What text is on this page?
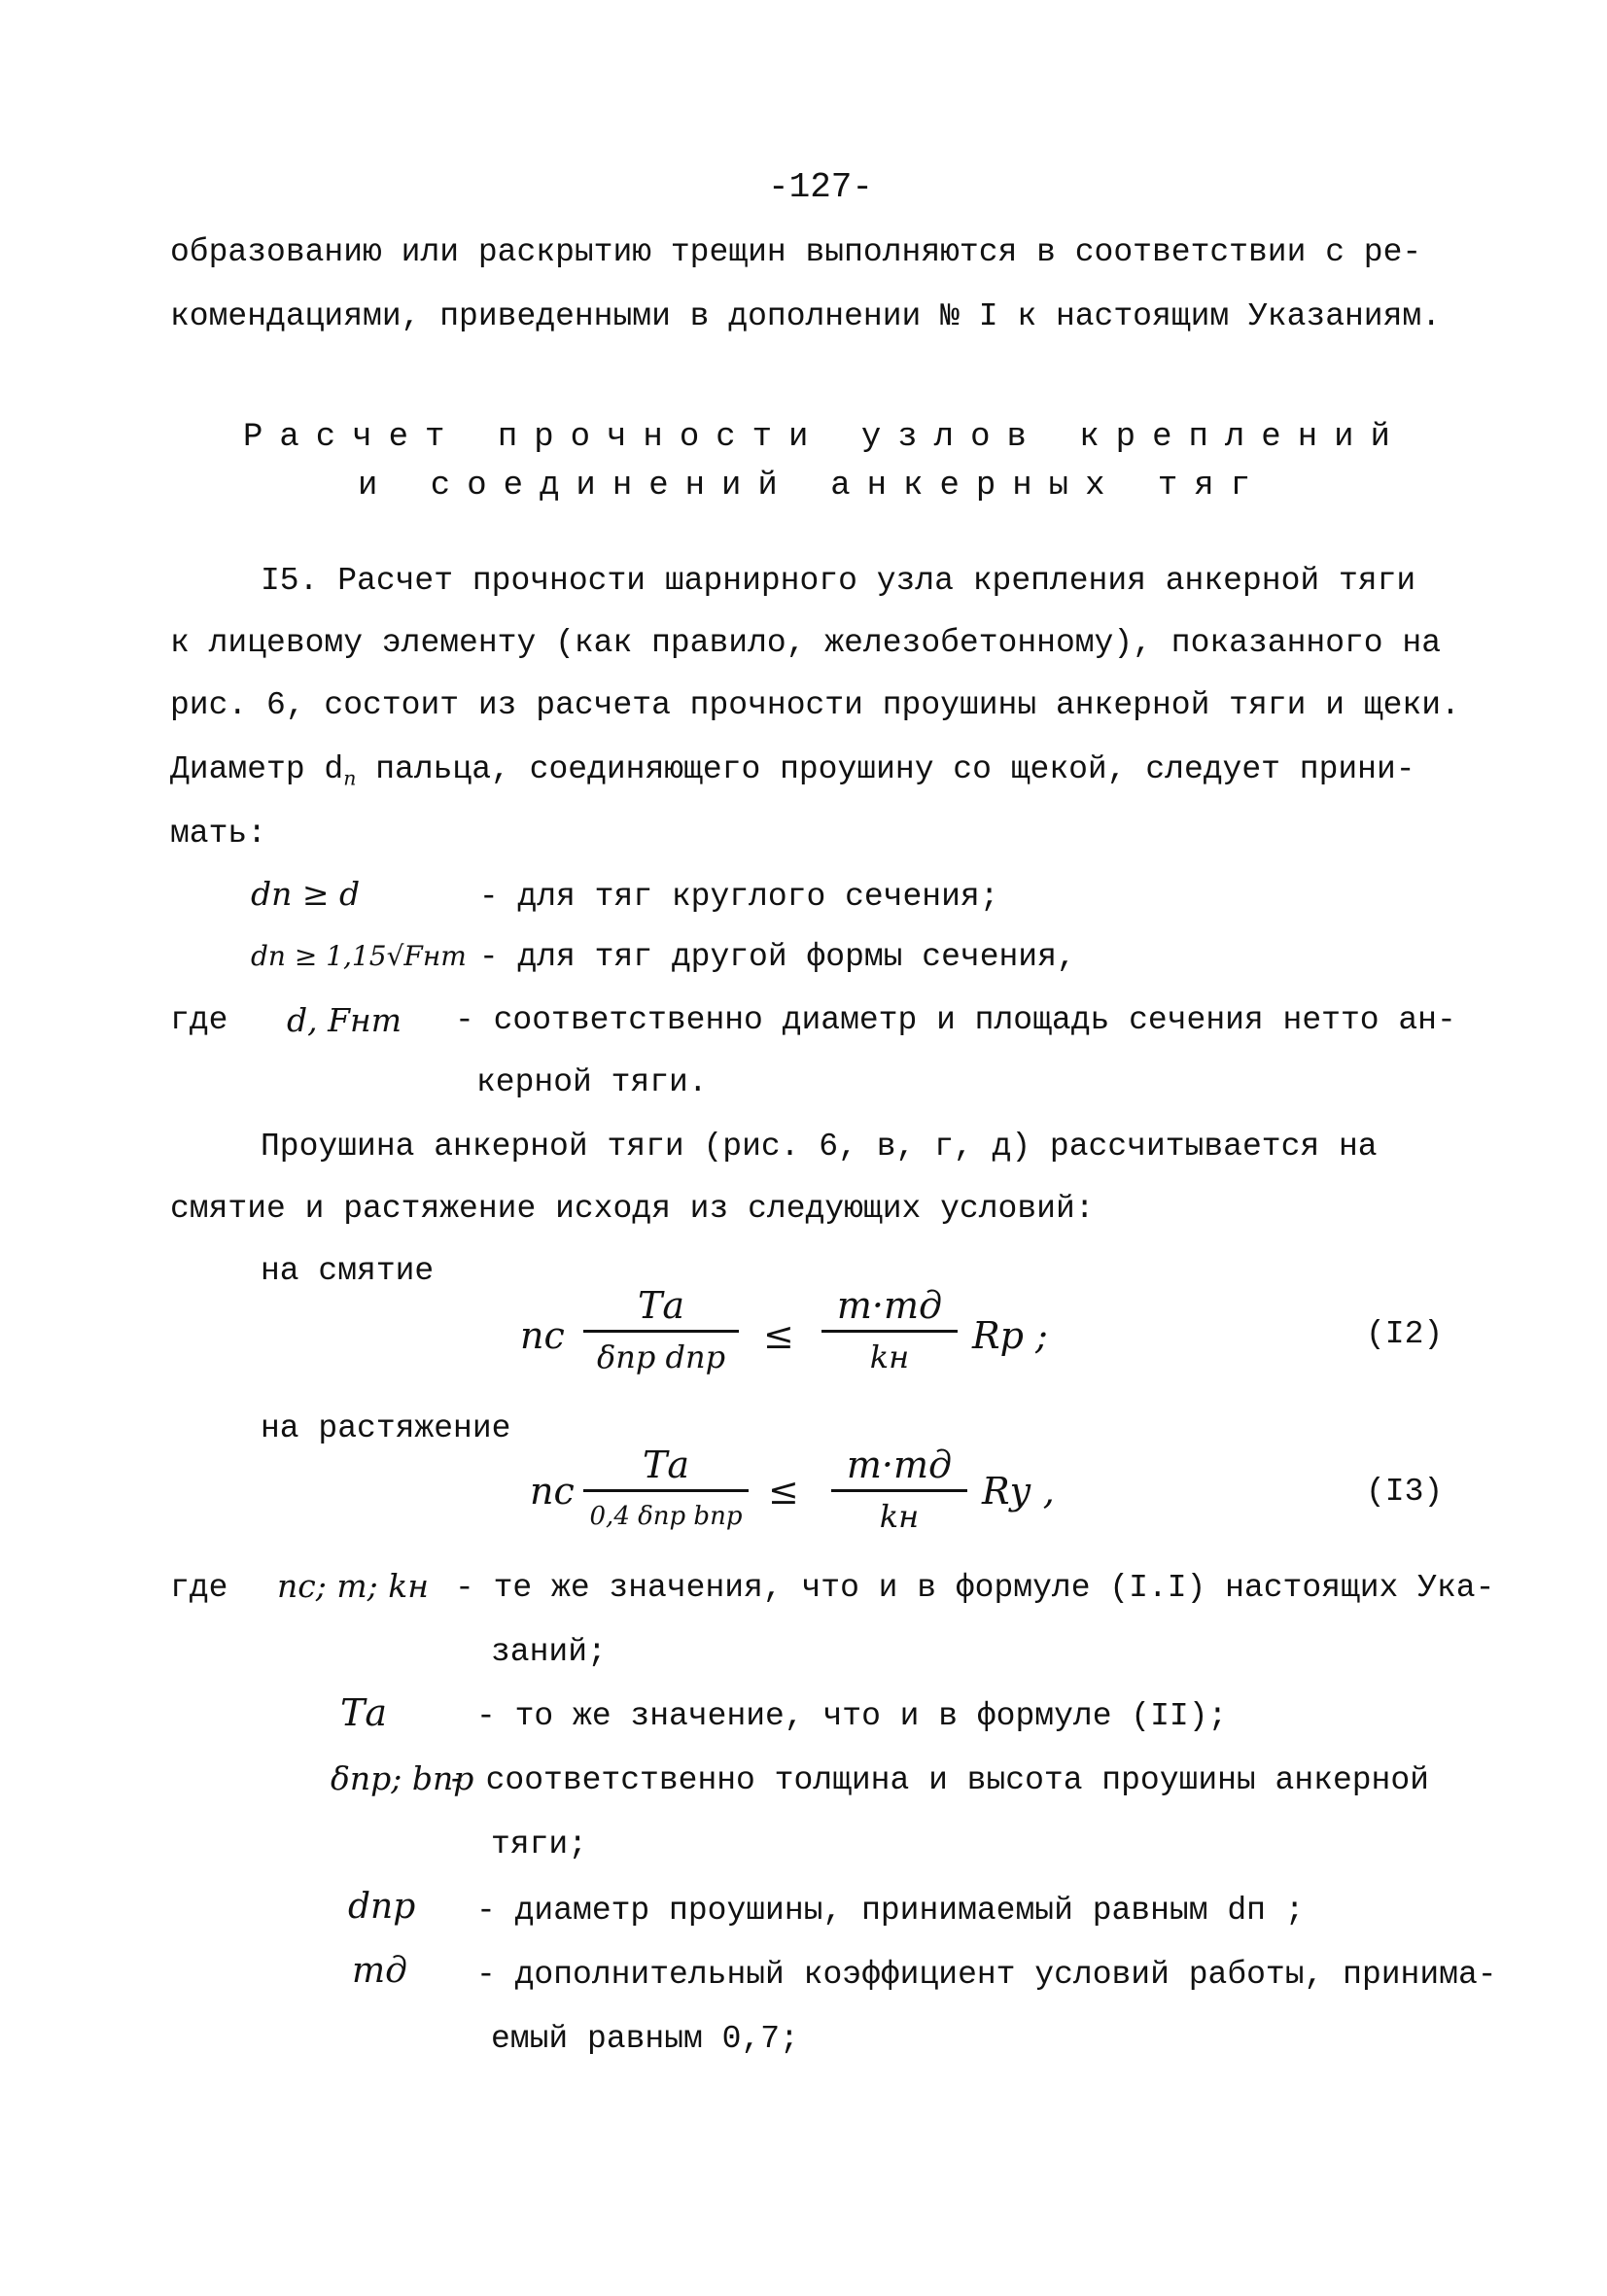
-127-
образованию или раскрытию трещин выполняются в соответствии с ре-
комендациями, приведенными в дополнении № I к настоящим Указаниям.
Расчет прочности узлов креплений
и соединений анкерных тяг
I5. Расчет прочности шарнирного узла крепления анкерной тяги
к лицевому элементу (как правило, железобетонному), показанного на
рис. 6, состоит из расчета прочности проушины анкерной тяги и щеки.
Диаметр $d_п$ пальца, соединяющего проушину со щекой, следует прини-
мать:
dп ≥ d	- для тяг круглого сечения;
dп ≥ 1,15√Fнт - для тяг другой формы сечения,
где d, Fнт - соответственно диаметр и площадь сечения нетто ан-
керной тяги.
Проушина анкерной тяги (рис. 6, в, г, д) рассчитывается на
смятие и растяжение исходя из следующих условий:
на смятие
nс
Tа
δпр dпр	≤
m·mд
kн	Rр ;	(I2)
на растяжение
nс
Tа
0,4 δпр bпр
≤
m·mд
kн
Rу ,	(I3)
где nс; m; kн - те же значения, что и в формуле (I.I) настоящих Ука-
заний;
Tа	- то же значение, что и в формуле (II);
δпр; bпр
- соответственно толщина и высота проушины анкерной
тяги;
dпр - диаметр проушины, принимаемый равным dп ;
mд - дополнительный коэффициент условий работы, принима-
емый равным 0,7;
